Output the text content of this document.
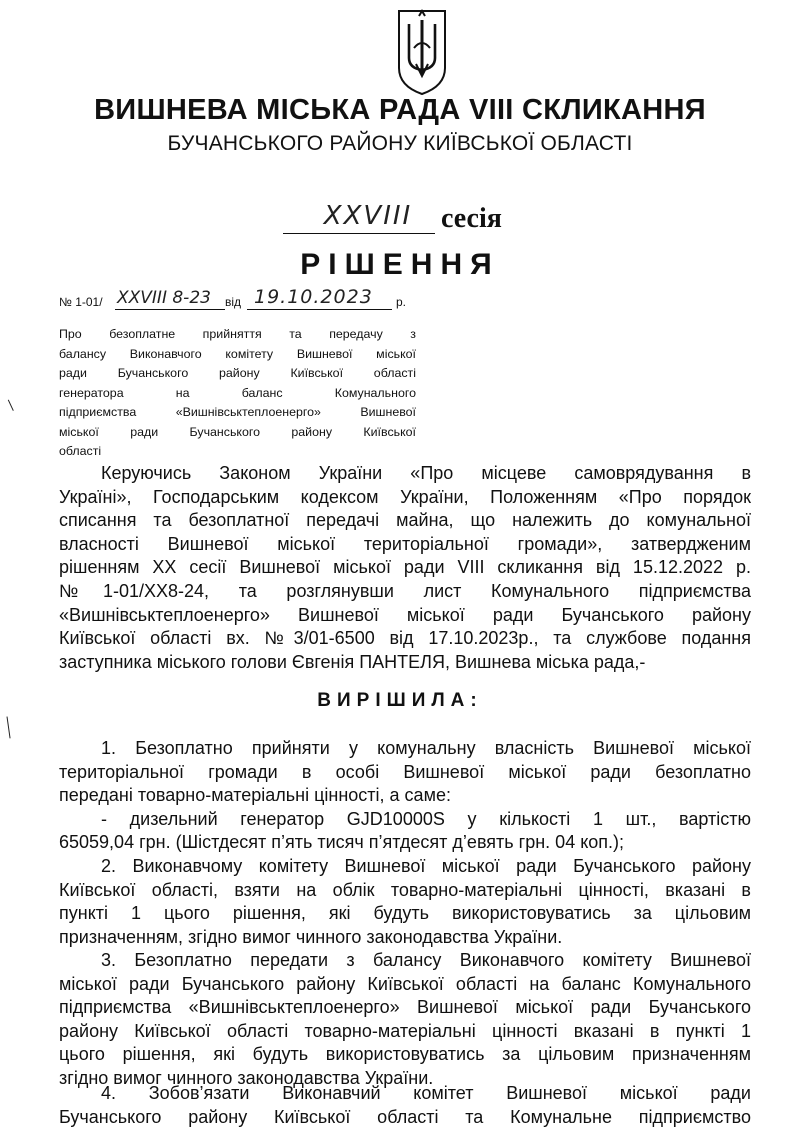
ВИШНЕВА МІСЬКА РАДА VIII СКЛИКАННЯ
БУЧАНСЬКОГО РАЙОНУ КИЇВСЬКОЇ ОБЛАСТІ
XXVIII	сесія
РІШЕННЯ
№ 1-01/ XXVIII 8-23 від 19.10.2023 р.
Про безоплатне прийняття та передачу з
балансу Виконавчого комітету Вишневої міської
ради Бучанського району Київської області
генератора на баланс Комунального
підприємства «Вишнівськтеплоенерго» Вишневої
міської ради Бучанського району Київської
області
Керуючись Законом України «Про місцеве самоврядування в
Україні», Господарським кодексом України, Положенням «Про порядок
списання та безоплатної передачі майна, що належить до комунальної
власності Вишневої міської територіальної громади», затвердженим
рішенням XX сесії Вишневої міської ради VIII скликання від 15.12.2022 р.
№1-01/XX8-24, та розглянувши лист Комунального підприємства
«Вишнівськтеплоенерго» Вишневої міської ради Бучанського району
Київської області вх. №3/01-6500 від 17.10.2023р., та службове подання
заступника міського голови Євгенія ПАНТЕЛЯ, Вишнева міська рада,-
ВИРІШИЛА:
1. Безоплатно прийняти у комунальну власність Вишневої міської
територіальної громади в особі Вишневої міської ради безоплатно
передані товарно-матеріальні цінності, а саме:
- дизельний генератор GJD10000S у кількості 1 шт., вартістю
65059,04 грн. (Шістдесят п’ять тисяч п’ятдесят д’евять грн. 04 коп.);
2. Виконавчому комітету Вишневої міської ради Бучанського району
Київської області, взяти на облік товарно-матеріальні цінності, вказані в
пункті 1 цього рішення, які будуть використовуватись за цільовим
призначенням, згідно вимог чинного законодавства України.
3. Безоплатно передати з балансу Виконавчого комітету Вишневої
міської ради Бучанського району Київської області на баланс Комунального
підприємства «Вишнівськтеплоенерго» Вишневої міської ради Бучанського
району Київської області товарно-матеріальні цінності вказані в пункті 1
цього рішення, які будуть використовуватись за цільовим призначенням
згідно вимог чинного законодавства України.
4. Зобов’язати Виконавчий комітет Вишневої міської ради
Бучанського району Київської області та Комунальне підприємство
